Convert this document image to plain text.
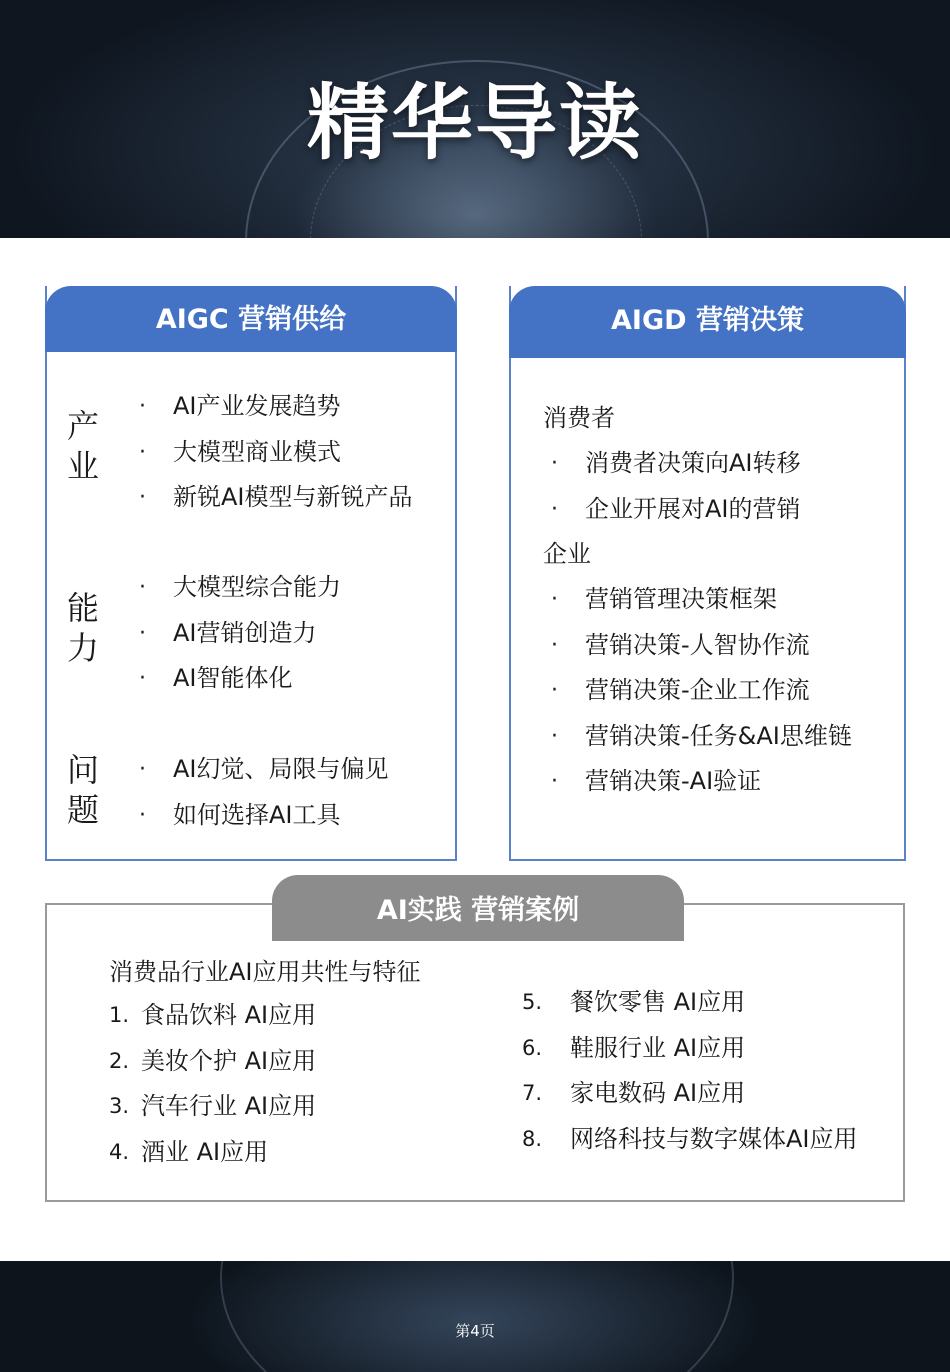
精华导读
AIGC 营销供给
产
业
· AI产业发展趋势
· 大模型商业模式
· 新锐AI模型与新锐产品
能
力
· 大模型综合能力
· AI营销创造力
· AI智能体化
问
题
· AI幻觉、局限与偏见
· 如何选择AI工具
AIGD 营销决策
消费者
· 消费者决策向AI转移
· 企业开展对AI的营销
企业
· 营销管理决策框架
· 营销决策-人智协作流
· 营销决策-企业工作流
· 营销决策-任务&AI思维链
· 营销决策-AI验证
消费品行业AI应用共性与特征
1. 食品饮料 AI应用
2. 美妆个护 AI应用
3. 汽车行业 AI应用
4. 酒业 AI应用
5. 餐饮零售 AI应用
6. 鞋服行业 AI应用
7. 家电数码 AI应用
8. 网络科技与数字媒体AI应用
AI实践 营销案例
第4页
